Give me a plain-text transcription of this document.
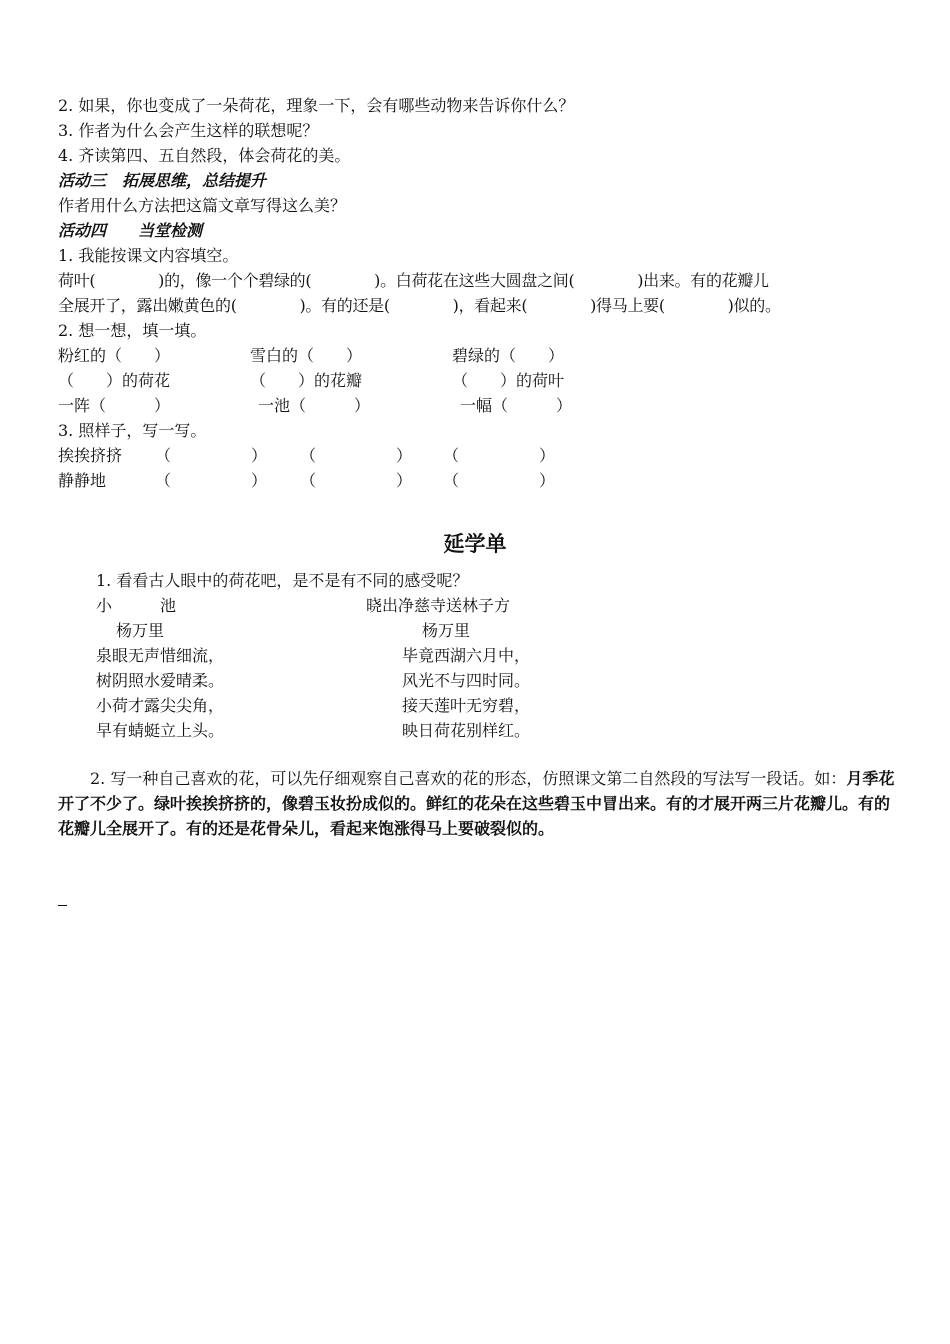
2. 如果，你也变成了一朵荷花，理象一下，会有哪些动物来告诉你什么？
3. 作者为什么会产生这样的联想呢？
4. 齐读第四、五自然段，体会荷花的美。
活动三　拓展思维，总结提升
作者用什么方法把这篇文章写得这么美？
活动四　　当堂检测
1. 我能按课文内容填空。
荷叶(　　　　)的，像一个个碧绿的(　　　　)。白荷花在这些大圆盘之间(　　　　)出来。有的花瓣儿
全展开了，露出嫩黄色的(　　　　)。有的还是(　　　　)，看起来(　　　　)得马上要(　　　　)似的。
2. 想一想，填一填。
粉红的（　　）	雪白的（　　）	碧绿的（　　）
（　　）的荷花	（　　）的花瓣	（　　）的荷叶
一阵（　　　）	一池（　　　）	一幅（　　　）
3. 照样子，写一写。
挨挨挤挤 （　　　　　） （　　　　　） （　　　　　）
静静地	（　　　　　） （　　　　　） （　　　　　）
延学单
1. 看看古人眼中的荷花吧，是不是有不同的感受呢？
小　　　池
杨万里
泉眼无声惜细流，
树阴照水爱晴柔。
小荷才露尖尖角，
早有蜻蜓立上头。
晓出净慈寺送林子方
杨万里
毕竟西湖六月中，
风光不与四时同。
接天莲叶无穷碧，
映日荷花别样红。
　　2. 写一种自己喜欢的花，可以先仔细观察自己喜欢的花的形态，仿照课文第二自然段的写法写一段话。如：月季花开了不少了。绿叶挨挨挤挤的，像碧玉妆扮成似的。鲜红的花朵在这些碧玉中冒出来。有的才展开两三片花瓣儿。有的花瓣儿全展开了。有的还是花骨朵儿，看起来饱涨得马上要破裂似的。
